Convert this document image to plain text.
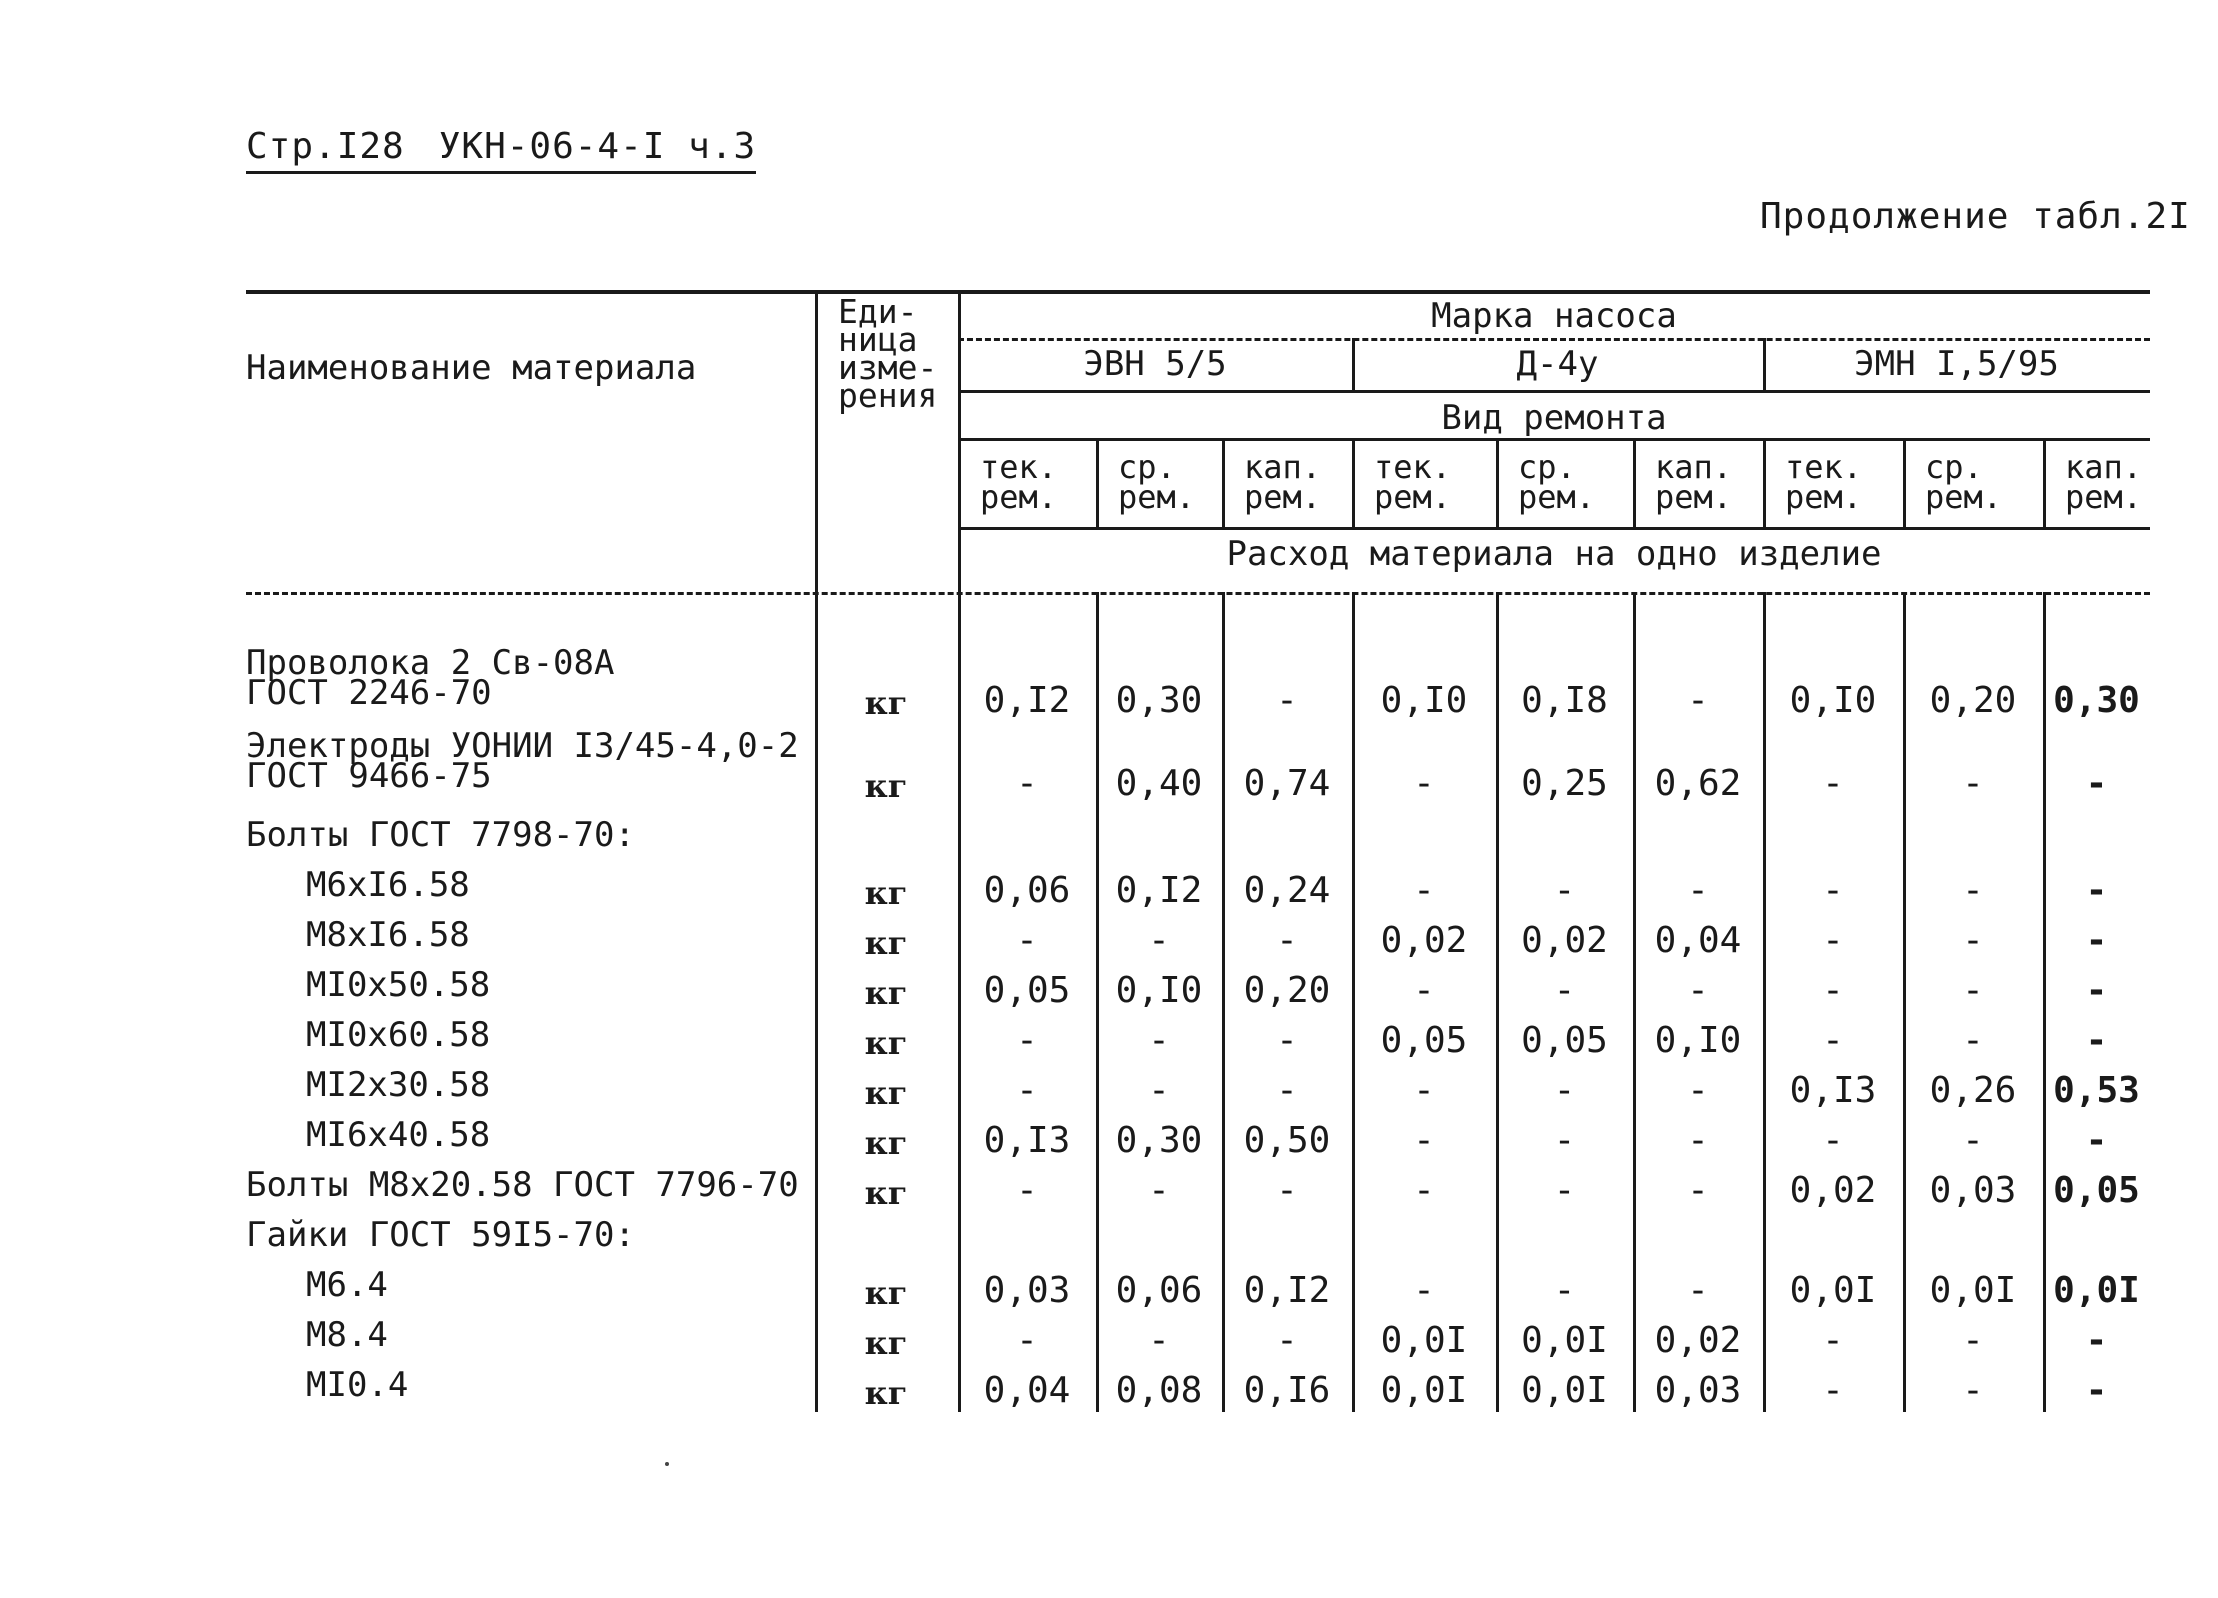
Стр.I28 УКН-06-4-I ч.3
Продолжение табл.2I
Наименование материала
Еди-
ница
изме-
рения
Марка насоса
ЭВН 5/5	Д-4у	ЭМН I,5/95
Вид ремонта
тек.
рем.
ср.
рем.
кап.
рем.
тек.
рем.
ср.
рем.
кап.
рем.
тек.
рем.
ср.
рем.
кап.
рем.
Расход материала на одно изделие
Проволока 2 Св-08А
ГОСТ 2246-70	кг	0,I2	0,30	-	0,I0	0,I8	-	0,I0	0,20	0,30
Электроды УОНИИ I3/45-4,0-2
ГОСТ 9466-75	кг	-	0,40	0,74	-	0,25	0,62	-	-	-
Болты ГОСТ 7798-70:
М6хI6.58	кг	0,06	0,I2	0,24	-	-	-	-	-	-
М8хI6.58	кг	-	-	-	0,02	0,02	0,04	-	-	-
МI0х50.58	кг	0,05	0,I0	0,20	-	-	-	-	-	-
МI0х60.58	кг	-	-	-	0,05	0,05	0,I0	-	-	-
МI2х30.58	кг	-	-	-	-	-	-	0,I3	0,26	0,53
МI6х40.58	кг	0,I3	0,30	0,50	-	-	-	-	-	-
Болты М8х20.58 ГОСТ 7796-70	кг	-	-	-	-	-	-	0,02	0,03	0,05
Гайки ГОСТ 59I5-70:
М6.4	кг	0,03	0,06	0,I2	-	-	-	0,0I	0,0I	0,0I
М8.4	кг	-	-	-	0,0I	0,0I	0,02	-	-	-
МI0.4	кг	0,04	0,08	0,I6	0,0I	0,0I	0,03	-	-	-
